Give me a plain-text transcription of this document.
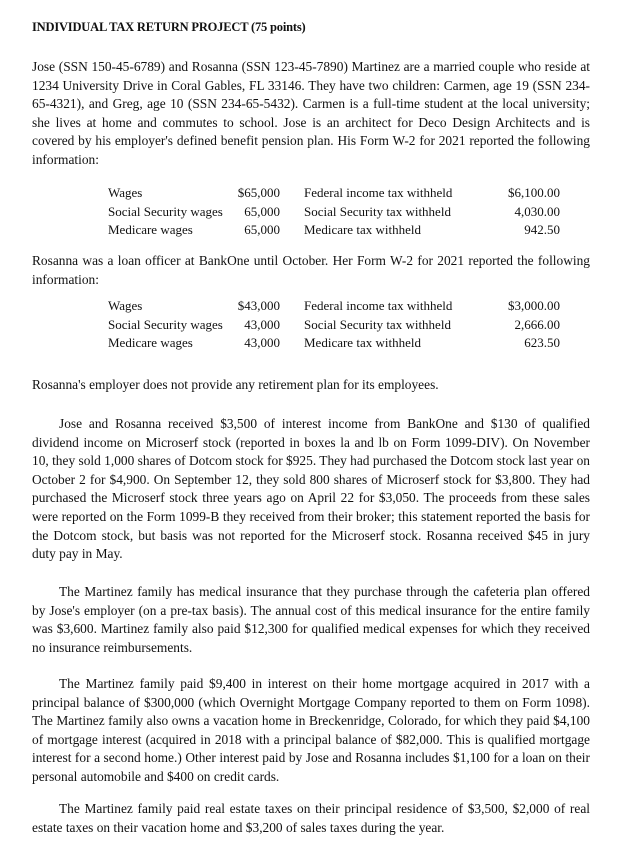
INDIVIDUAL TAX RETURN PROJECT (75 points)

Jose (SSN 150-45-6789) and Rosanna (SSN 123-45-7890) Martinez are a married couple who reside at 1234 University Drive in Coral Gables, FL 33146. They have two children: Carmen, age 19 (SSN 234-65-4321), and Greg, age 10 (SSN 234-65-5432). Carmen is a full-time student at the local university; she lives at home and commutes to school. Jose is an architect for Deco Design Architects and is covered by his employer's defined benefit pension plan. His Form W-2 for 2021 reported the following information:

Wages	$65,000 Federal income tax withheld	$6,100.00
Social Security wages 65,000 Social Security tax withheld	4,030.00
Medicare wages	65,000 Medicare tax withheld	942.50

Rosanna was a loan officer at BankOne until October. Her Form W-2 for 2021 reported the following information:

Wages	$43,000 Federal income tax withheld	$3,000.00
Social Security wages 43,000 Social Security tax withheld	2,666.00
Medicare wages	43,000 Medicare tax withheld	623.50

Rosanna's employer does not provide any retirement plan for its employees.

Jose and Rosanna received $3,500 of interest income from BankOne and $130 of qualified dividend income on Microserf stock (reported in boxes la and lb on Form 1099-DIV). On November 10, they sold 1,000 shares of Dotcom stock for $925. They had purchased the Dotcom stock last year on October 2 for $4,900. On September 12, they sold 800 shares of Microserf stock for $3,800. They had purchased the Microserf stock three years ago on April 22 for $3,050. The proceeds from these sales were reported on the Form 1099-B they received from their broker; this statement reported the basis for the Dotcom stock, but basis was not reported for the Microserf stock. Rosanna received $45 in jury duty pay in May.

The Martinez family has medical insurance that they purchase through the cafeteria plan offered by Jose's employer (on a pre-tax basis). The annual cost of this medical insurance for the entire family was $3,600. Martinez family also paid $12,300 for qualified medical expenses for which they received no insurance reimbursements.

The Martinez family paid $9,400 in interest on their home mortgage acquired in 2017 with a principal balance of $300,000 (which Overnight Mortgage Company reported to them on Form 1098). The Martinez family also owns a vacation home in Breckenridge, Colorado, for which they paid $4,100 of mortgage interest (acquired in 2018 with a principal balance of $82,000. This is qualified mortgage interest for a second home.) Other interest paid by Jose and Rosanna includes $1,100 for a loan on their personal automobile and $400 on credit cards.

The Martinez family paid real estate taxes on their principal residence of $3,500, $2,000 of real estate taxes on their vacation home and $3,200 of sales taxes during the year.
